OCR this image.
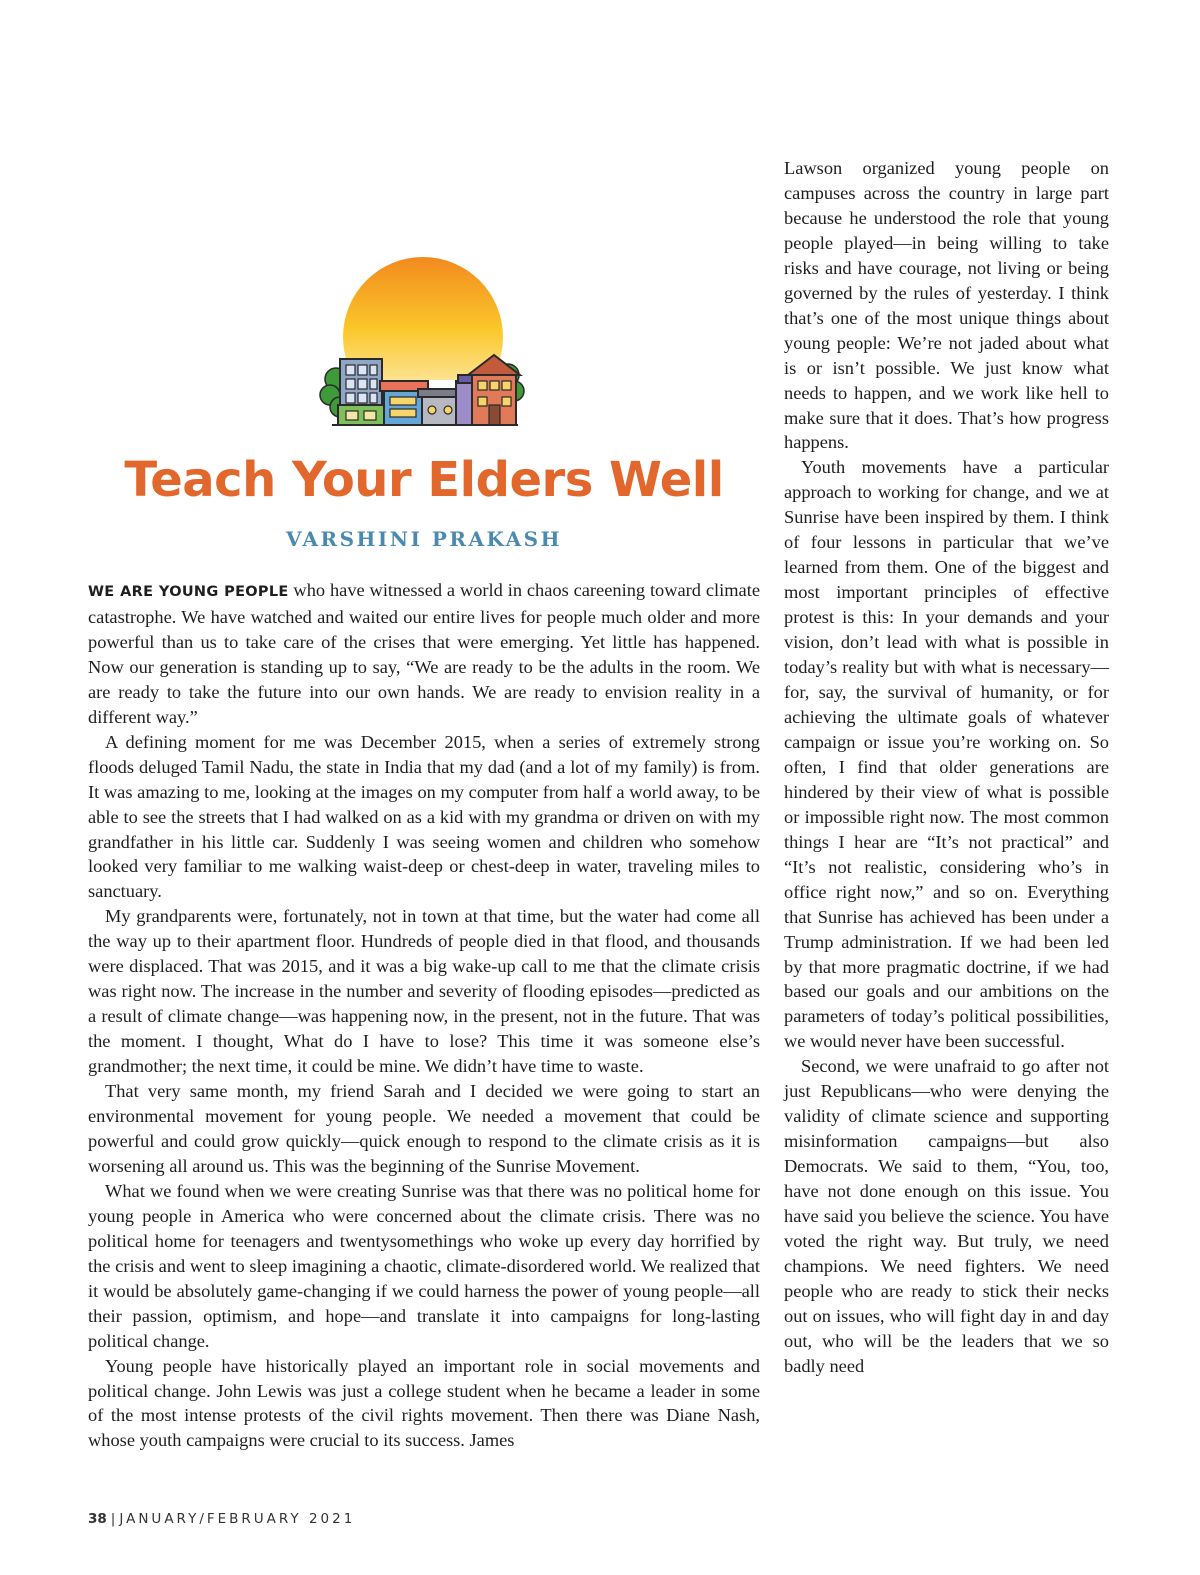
Teach Your Elders Well
VARSHINI PRAKASH

WE ARE YOUNG PEOPLE who have witnessed a world in chaos careening toward climate catastrophe. We have watched and waited our entire lives for people much older and more powerful than us to take care of the crises that were emerging. Yet little has happened. Now our generation is standing up to say, “We are ready to be the adults in the room. We are ready to take the future into our own hands. We are ready to envision reality in a different way.”

A defining moment for me was December 2015, when a series of extremely strong floods deluged Tamil Nadu, the state in India that my dad (and a lot of my family) is from. It was amazing to me, looking at the images on my computer from half a world away, to be able to see the streets that I had walked on as a kid with my grandma or driven on with my grandfather in his little car. Suddenly I was seeing women and children who somehow looked very familiar to me walking waist-deep or chest-deep in water, traveling miles to sanctuary.

My grandparents were, fortunately, not in town at that time, but the water had come all the way up to their apartment floor. Hundreds of people died in that flood, and thousands were displaced. That was 2015, and it was a big wake-up call to me that the climate crisis was right now. The increase in the number and severity of flooding episodes—predicted as a result of climate change—was happening now, in the present, not in the future. That was the moment. I thought, What do I have to lose? This time it was someone else’s grandmother; the next time, it could be mine. We didn’t have time to waste.

That very same month, my friend Sarah and I decided we were going to start an environmental movement for young people. We needed a movement that could be powerful and could grow quickly—quick enough to respond to the climate crisis as it is worsening all around us. This was the beginning of the Sunrise Movement.

What we found when we were creating Sunrise was that there was no political home for young people in America who were concerned about the climate crisis. There was no political home for teenagers and twentysomethings who woke up every day horrified by the crisis and went to sleep imagining a chaotic, climate-disordered world. We realized that it would be absolutely game-changing if we could harness the power of young people—all their passion, optimism, and hope—and translate it into campaigns for long-lasting political change.

Young people have historically played an important role in social movements and political change. John Lewis was just a college student when he became a leader in some of the most intense protests of the civil rights movement. Then there was Diane Nash, whose youth campaigns were crucial to its success. James

Lawson organized young people on campuses across the country in large part because he understood the role that young people played—in being willing to take risks and have courage, not living or being governed by the rules of yesterday. I think that’s one of the most unique things about young people: We’re not jaded about what is or isn’t possible. We just know what needs to happen, and we work like hell to make sure that it does. That’s how progress happens.

Youth movements have a particular approach to working for change, and we at Sunrise have been inspired by them. I think of four lessons in particular that we’ve learned from them. One of the biggest and most important principles of effective protest is this: In your demands and your vision, don’t lead with what is possible in today’s reality but with what is necessary—for, say, the survival of humanity, or for achieving the ultimate goals of whatever campaign or issue you’re working on. So often, I find that older generations are hindered by their view of what is possible or impossible right now. The most common things I hear are “It’s not practical” and “It’s not realistic, considering who’s in office right now,” and so on. Everything that Sunrise has achieved has been under a Trump administration. If we had been led by that more pragmatic doctrine, if we had based our goals and our ambitions on the parameters of today’s political possibilities, we would never have been successful.

Second, we were unafraid to go after not just Republicans—who were denying the validity of climate science and supporting misinformation campaigns—but also Democrats. We said to them, “You, too, have not done enough on this issue. You have said you believe the science. You have voted the right way. But truly, we need champions. We need fighters. We need people who are ready to stick their necks out on issues, who will fight day in and day out, who will be the leaders that we so badly need

38 | JANUARY/FEBRUARY 2021
